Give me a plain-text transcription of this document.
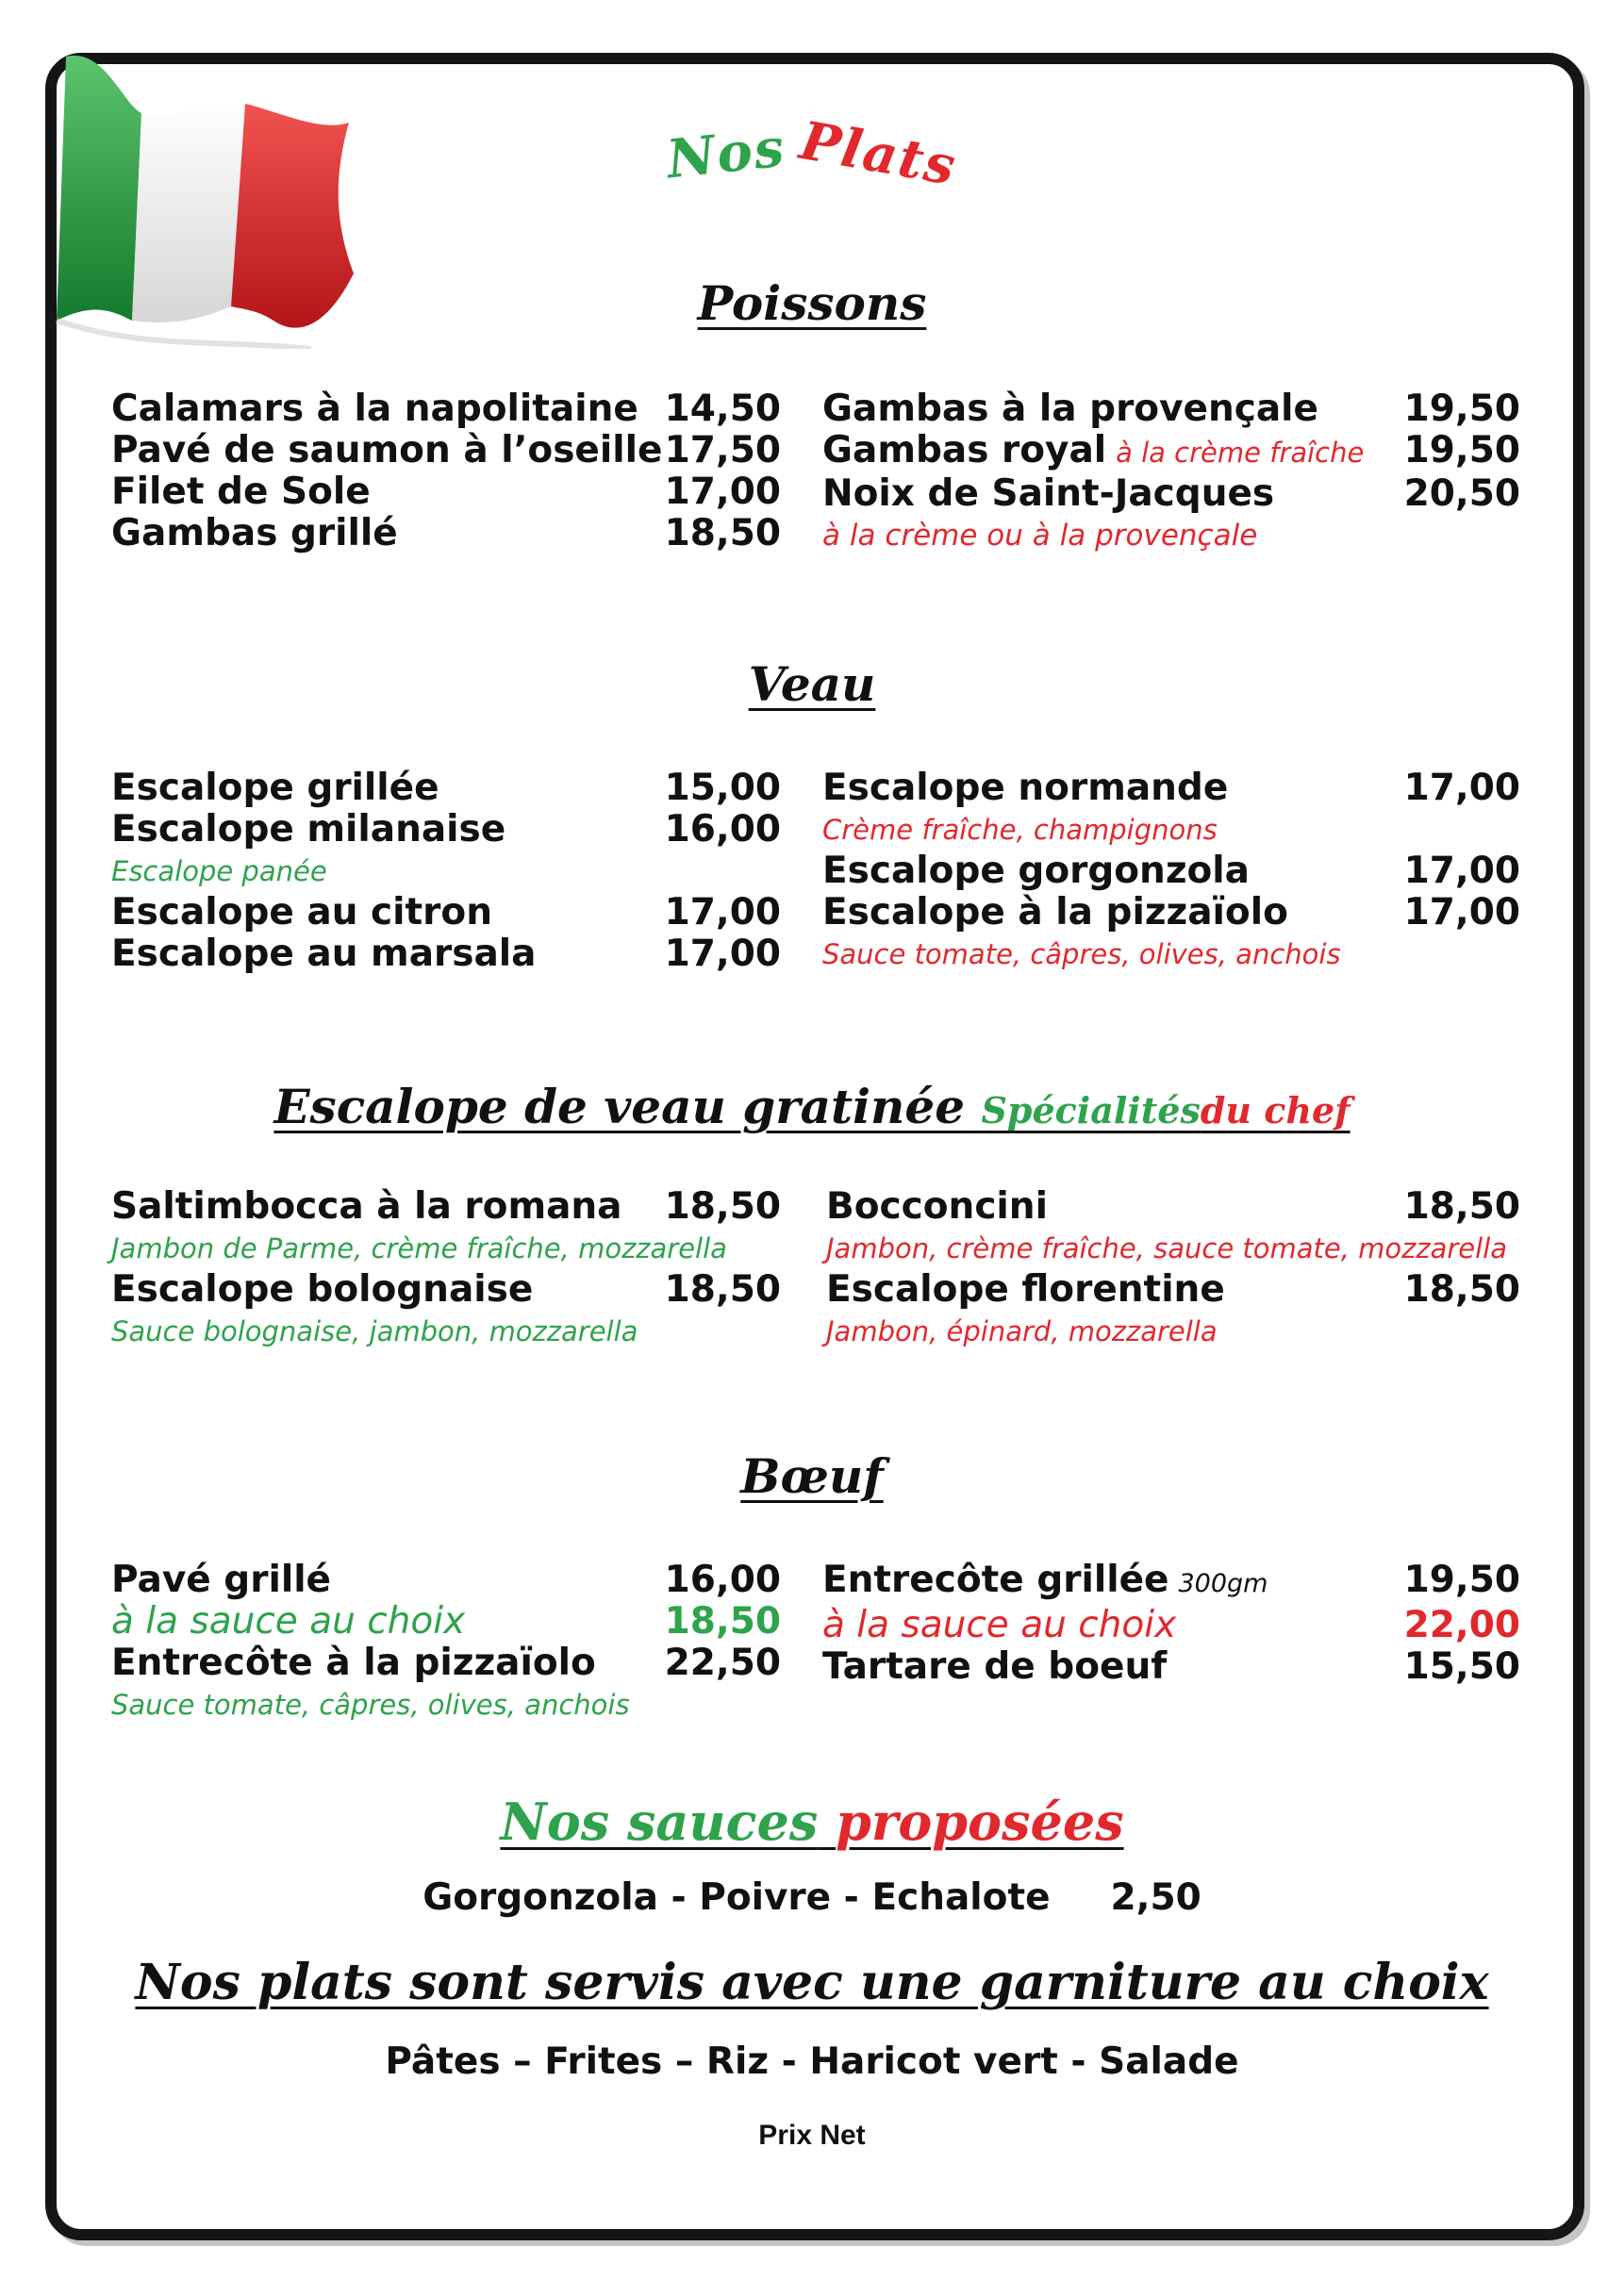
Nos Plats
Poissons
Calamars à la napolitaine 14,50
Pavé de saumon à l’oseille 17,50
Filet de Sole	17,00
Gambas grillé	18,50
Gambas à la provençale 19,50
Gambas royal à la crème fraîche 19,50
Noix de Saint-Jacques	20,50
à la crème ou à la provençale
Veau
Escalope grillée	15,00
Escalope milanaise	16,00
Escalope panée
Escalope au citron	17,00
Escalope au marsala	17,00
Escalope normande	17,00
Crème fraîche, champignons
Escalope gorgonzola	17,00
Escalope à la pizzaïolo	17,00
Sauce tomate, câpres, olives, anchois
Escalope de veau gratinée Spécialitésdu chef
Saltimbocca à la romana 18,50
Jambon de Parme, crème fraîche, mozzarella
Escalope bolognaise	18,50
Sauce bolognaise, jambon, mozzarella
Bocconcini	18,50
Jambon, crème fraîche, sauce tomate, mozzarella
Escalope florentine	18,50
Jambon, épinard, mozzarella
Bœuf
Pavé grillé	16,00
à la sauce au choix	18,50
Entrecôte à la pizzaïolo 22,50
Sauce tomate, câpres, olives, anchois
Entrecôte grillée 300gm	19,50
à la sauce au choix	22,00
Tartare de boeuf	15,50
Nos sauces proposées
Gorgonzola - Poivre - Echalote 2,50
Nos plats sont servis avec une garniture au choix
Pâtes – Frites – Riz - Haricot vert - Salade
Prix Net
